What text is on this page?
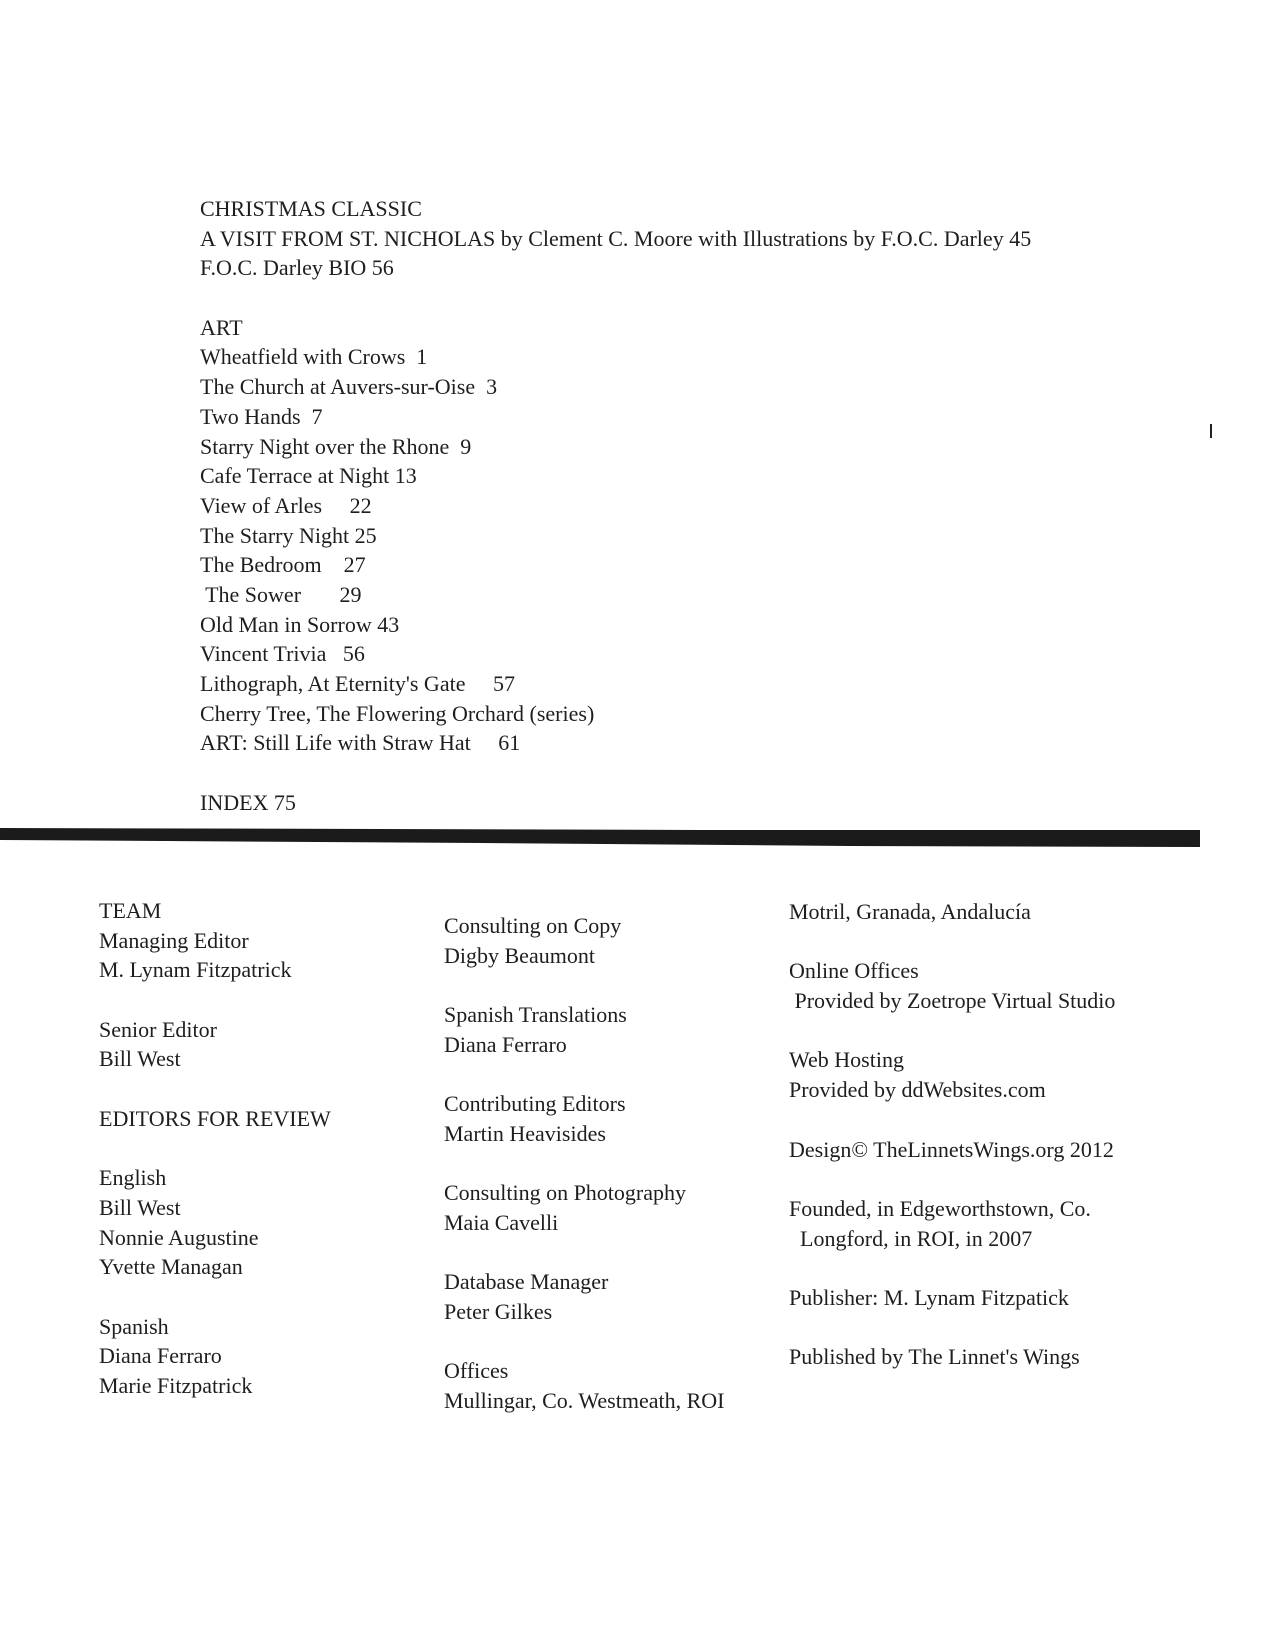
CHRISTMAS CLASSIC
A VISIT FROM ST. NICHOLAS by Clement C. Moore with Illustrations by F.O.C. Darley 45
F.O.C. Darley BIO 56
ART
Wheatfield with Crows  1
The Church at Auvers-sur-Oise  3
Two Hands  7
Starry Night over the Rhone  9
Cafe Terrace at Night 13
View of Arles     22
The Starry Night 25
The Bedroom    27
The Sower       29
Old Man in Sorrow 43
Vincent Trivia   56
Lithograph, At Eternity's Gate     57
Cherry Tree, The Flowering Orchard (series)
ART: Still Life with Straw Hat     61
INDEX 75
TEAM
Managing Editor
M. Lynam Fitzpatrick
Senior Editor
Bill West
EDITORS FOR REVIEW
English
Bill West
Nonnie Augustine
Yvette Managan
Spanish
Diana Ferraro
Marie Fitzpatrick
Consulting on Copy
Digby Beaumont
Spanish Translations
Diana Ferraro
Contributing Editors
Martin Heavisides
Consulting on Photography
Maia Cavelli
Database Manager
Peter Gilkes
Offices
Mullingar, Co. Westmeath, ROI
Motril, Granada, Andalucía
Online Offices
Provided by Zoetrope Virtual Studio
Web Hosting
Provided by ddWebsites.com
Design© TheLinnetsWings.org 2012
Founded, in Edgeworthstown, Co.
Longford, in ROI, in 2007
Publisher: M. Lynam Fitzpatick
Published by The Linnet's Wings
